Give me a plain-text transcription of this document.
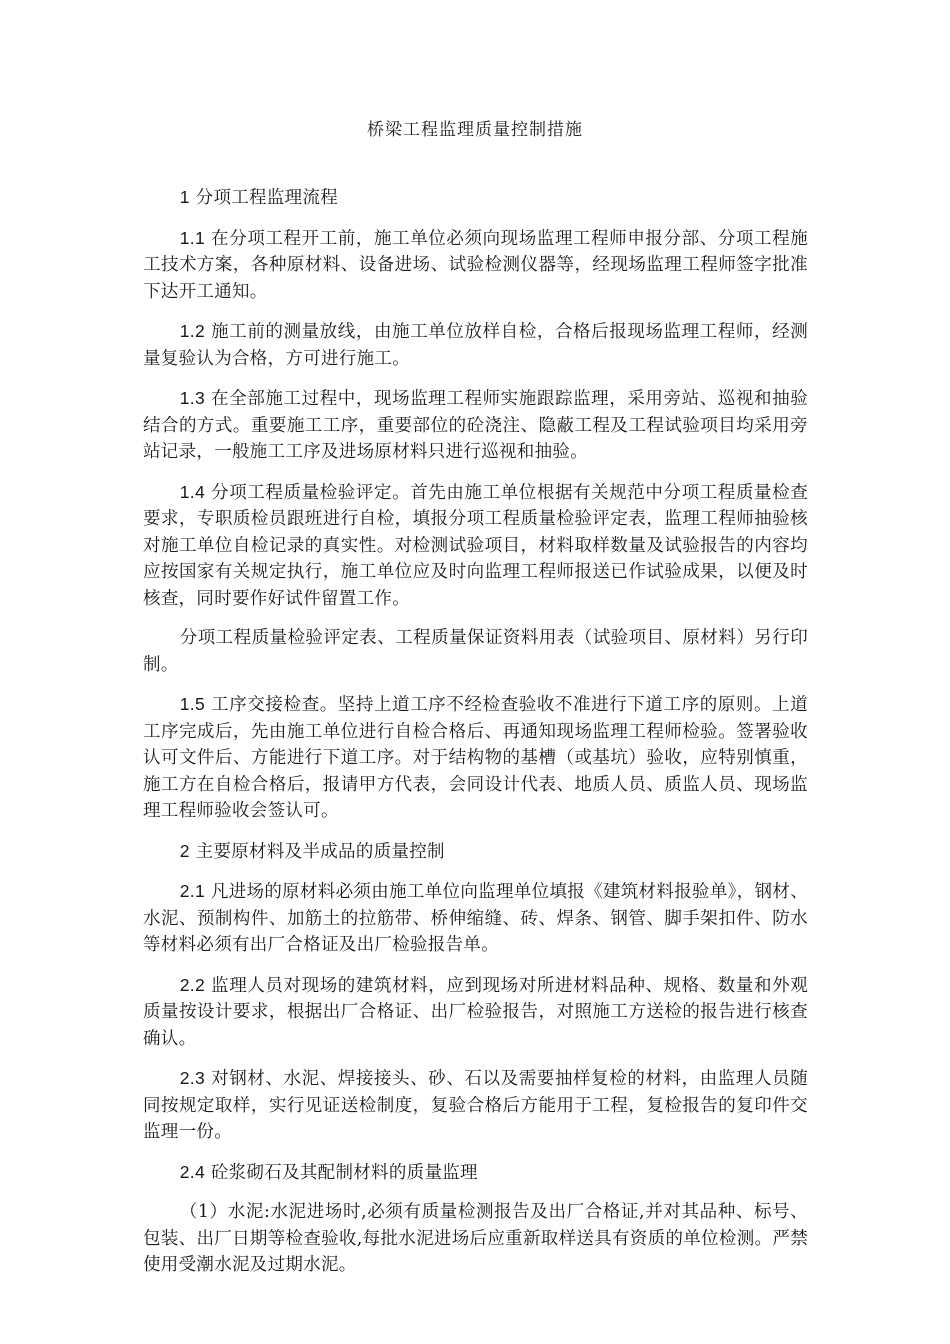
桥梁工程监理质量控制措施

1 分项工程监理流程

1.1 在分项工程开工前，施工单位必须向现场监理工程师申报分部、分项工程施工技术方案，各种原材料、设备进场、试验检测仪器等，经现场监理工程师签字批准下达开工通知。

1.2 施工前的测量放线，由施工单位放样自检，合格后报现场监理工程师，经测量复验认为合格，方可进行施工。

1.3 在全部施工过程中，现场监理工程师实施跟踪监理，采用旁站、巡视和抽验结合的方式。重要施工工序，重要部位的砼浇注、隐蔽工程及工程试验项目均采用旁站记录，一般施工工序及进场原材料只进行巡视和抽验。

1.4 分项工程质量检验评定。首先由施工单位根据有关规范中分项工程质量检查要求，专职质检员跟班进行自检，填报分项工程质量检验评定表，监理工程师抽验核对施工单位自检记录的真实性。对检测试验项目，材料取样数量及试验报告的内容均应按国家有关规定执行，施工单位应及时向监理工程师报送已作试验成果，以便及时核查，同时要作好试件留置工作。

分项工程质量检验评定表、工程质量保证资料用表（试验项目、原材料）另行印制。

1.5 工序交接检查。坚持上道工序不经检查验收不准进行下道工序的原则。上道工序完成后，先由施工单位进行自检合格后、再通知现场监理工程师检验。签署验收认可文件后、方能进行下道工序。对于结构物的基槽（或基坑）验收，应特别慎重，施工方在自检合格后，报请甲方代表，会同设计代表、地质人员、质监人员、现场监理工程师验收会签认可。

2 主要原材料及半成品的质量控制

2.1 凡进场的原材料必须由施工单位向监理单位填报《建筑材料报验单》，钢材、水泥、预制构件、加筋土的拉筋带、桥伸缩缝、砖、焊条、钢管、脚手架扣件、防水等材料必须有出厂合格证及出厂检验报告单。

2.2 监理人员对现场的建筑材料，应到现场对所进材料品种、规格、数量和外观质量按设计要求，根据出厂合格证、出厂检验报告，对照施工方送检的报告进行核查确认。

2.3 对钢材、水泥、焊接接头、砂、石以及需要抽样复检的材料，由监理人员随同按规定取样，实行见证送检制度，复验合格后方能用于工程，复检报告的复印件交监理一份。

2.4 砼浆砌石及其配制材料的质量监理

（1）水泥:水泥进场时,必须有质量检测报告及出厂合格证,并对其品种、标号、包装、出厂日期等检查验收,每批水泥进场后应重新取样送具有资质的单位检测。严禁使用受潮水泥及过期水泥。
